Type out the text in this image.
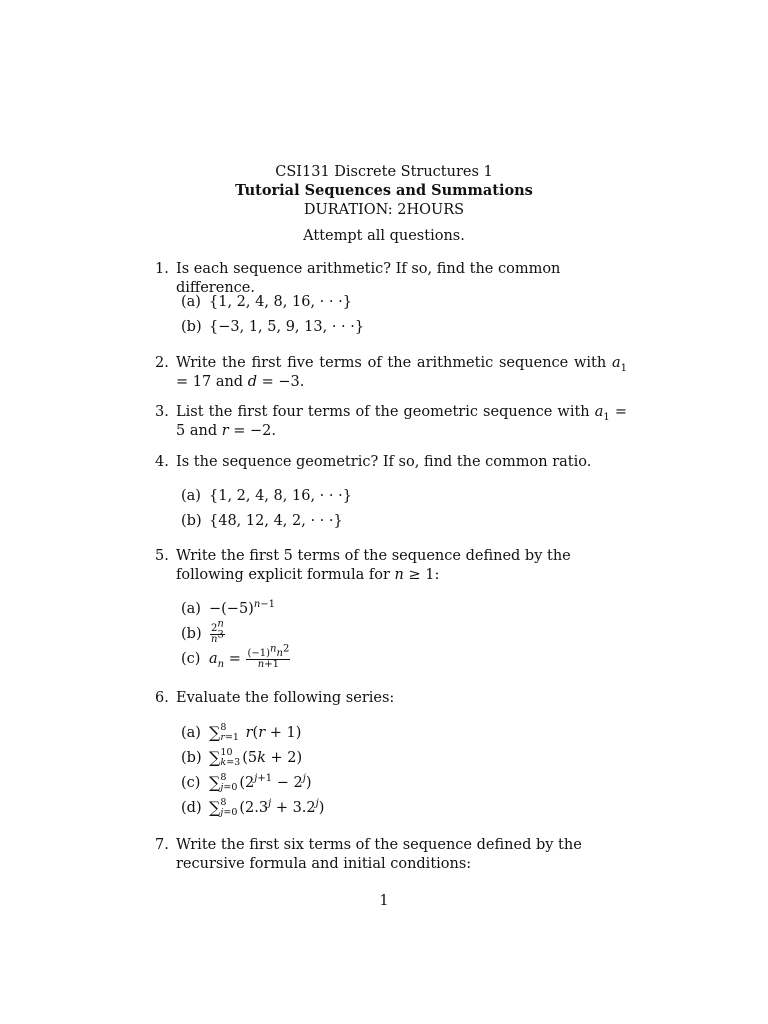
CSI131 Discrete Structures 1
Tutorial Sequences and Summations
DURATION: 2HOURS
Attempt all questions.
1. Is each sequence arithmetic? If so, find the common difference.
(a) {1, 2, 4, 8, 16, · · ·}
(b) {−3, 1, 5, 9, 13, · · ·}
2. Write the first five terms of the arithmetic sequence with $a_1 = 17$ and d = −3.
3. List the first four terms of the geometric sequence with $a_1 = 5$ and r = −2.
4. Is the sequence geometric? If so, find the common ratio.
(a) {1, 2, 4, 8, 16, · · ·}
(b) {48, 12, 4, 2, · · ·}
5. Write the first 5 terms of the sequence defined by the following explicit formula for n ≥ 1:
$(a) -(-5)^{n-1}$
$(b) \frac{2^n}{n^3}$
(c) $a_n = \frac{(-1)^nn^2}{n+1}$
6. Evaluate the following series:
(a) ∑ 8
r=1 r(r + 1)
(b) ∑ 10
k=3 (5k + 2)
(c) ∑ 8
j=0 $(2^{j+1} - 2^j)$
(d) ∑ 8
j=0 $(2.3^j + 3.2^j)$
7. Write the first six terms of the sequence defined by the recursive formula and initial conditions:
1
